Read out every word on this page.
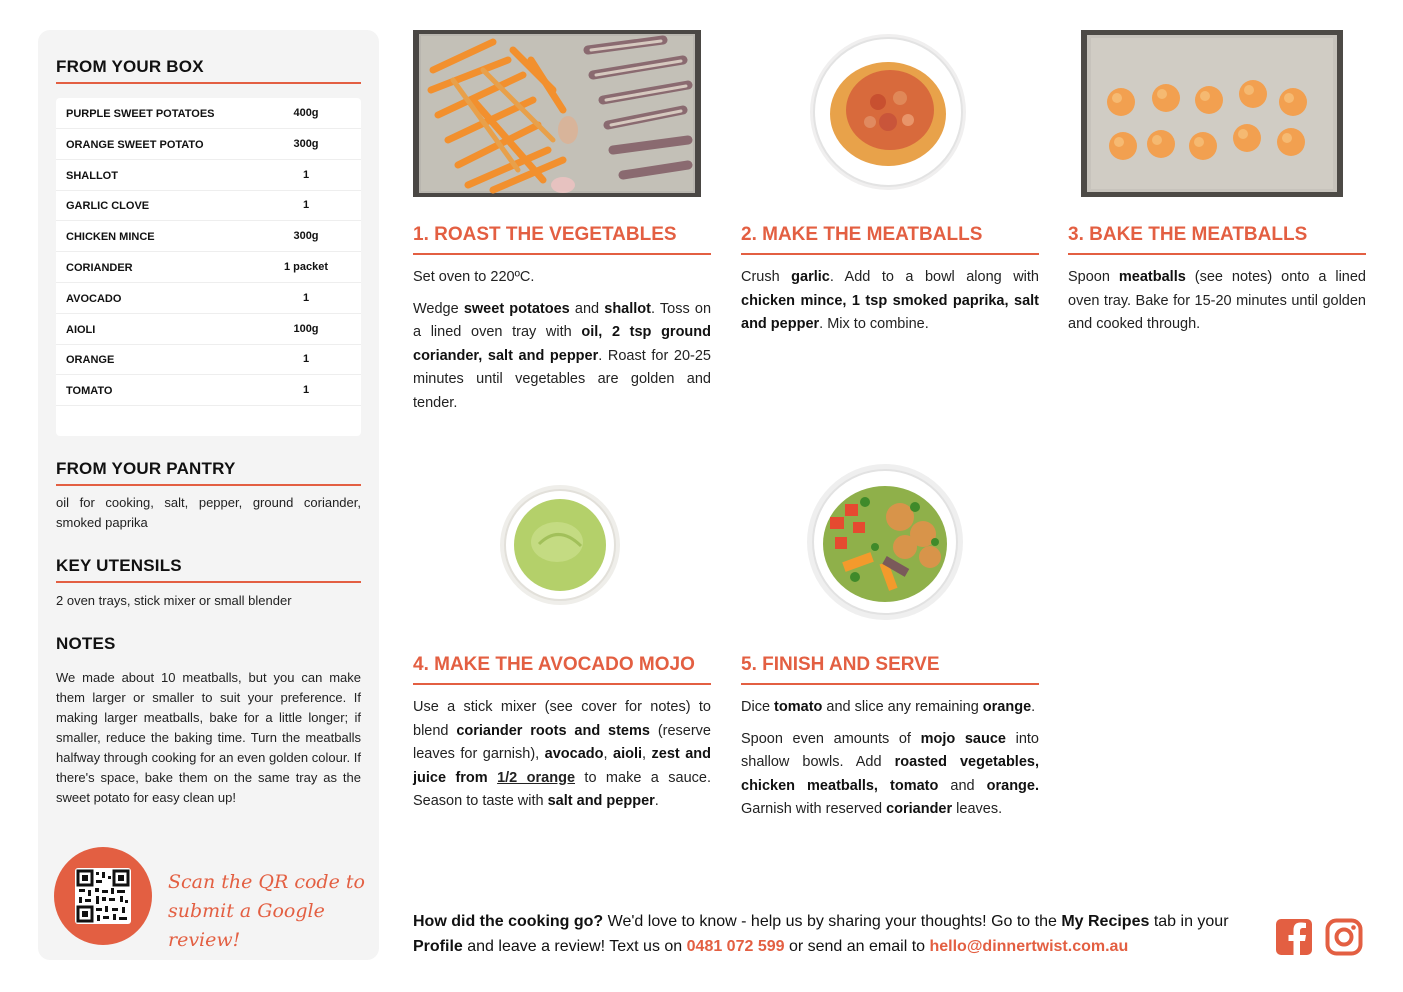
FROM YOUR BOX
PURPLE SWEET POTATOES	400g
ORANGE SWEET POTATO	300g
SHALLOT	1
GARLIC CLOVE	1
CHICKEN MINCE	300g
CORIANDER	1 packet
AVOCADO	1
AIOLI	100g
ORANGE	1
TOMATO	1
FROM YOUR PANTRY
oil for cooking, salt, pepper, ground coriander, smoked paprika
KEY UTENSILS
2 oven trays, stick mixer or small blender
NOTES
We made about 10 meatballs, but you can make them larger or smaller to suit your preference. If making larger meatballs, bake for a little longer; if smaller, reduce the baking time. Turn the meatballs halfway through cooking for an even golden colour. If there's space, bake them on the same tray as the sweet potato for easy clean up!
Scan the QR code to
submit a Google review!
1. ROAST THE VEGETABLES

Set oven to 220ºC.

Wedge sweet potatoes and shallot. Toss on a lined oven tray with oil, 2 tsp ground coriander, salt and pepper. Roast for 20-25 minutes until vegetables are golden and tender.

2. MAKE THE MEATBALLS

Crush garlic. Add to a bowl along with chicken mince, 1 tsp smoked paprika, salt and pepper. Mix to combine.

3. BAKE THE MEATBALLS

Spoon meatballs (see notes) onto a lined oven tray. Bake for 15-20 minutes until golden and cooked through.

4. MAKE THE AVOCADO MOJO

Use a stick mixer (see cover for notes) to blend coriander roots and stems (reserve leaves for garnish), avocado, aioli, zest and juice from 1/2 orange to make a sauce. Season to taste with salt and pepper.

5. FINISH AND SERVE

Dice tomato and slice any remaining orange.

Spoon even amounts of mojo sauce into shallow bowls. Add roasted vegetables, chicken meatballs, tomato and orange. Garnish with reserved coriander leaves.

How did the cooking go? We'd love to know - help us by sharing your thoughts! Go to the My Recipes tab in your Profile and leave a review! Text us on 0481 072 599 or send an email to hello@dinnertwist.com.au
